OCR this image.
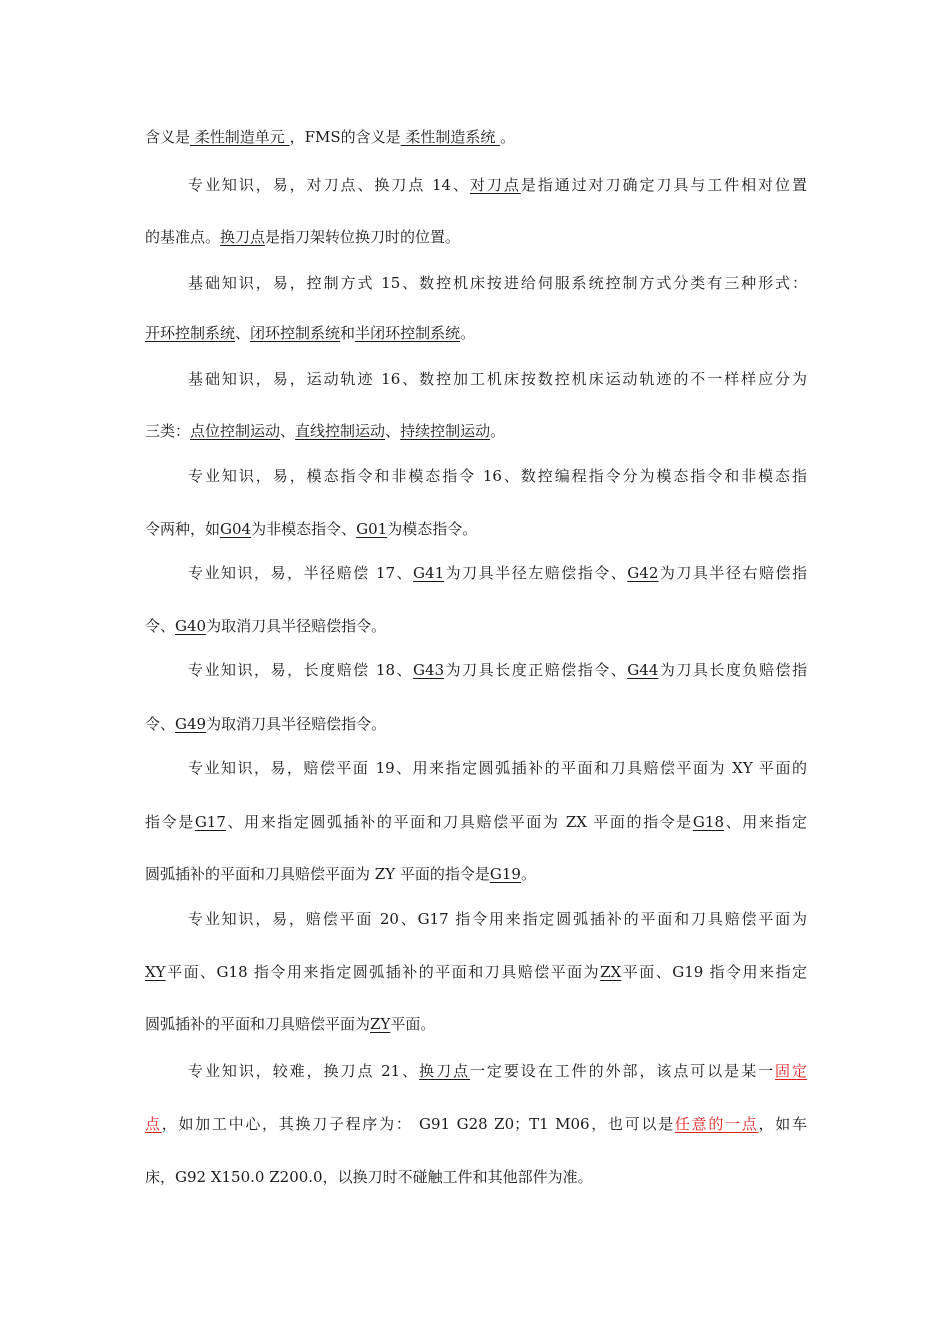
含义是 柔性制造单元 ，FMS的含义是 柔性制造系统 。
专业知识，易，对刀点、换刀点 14、对刀点是指通过对刀确定刀具与工件相对位置
的基准点。换刀点是指刀架转位换刀时的位置。
基础知识，易，控制方式 15、数控机床按进给伺服系统控制方式分类有三种形式：
开环控制系统、闭环控制系统和半闭环控制系统。
基础知识，易，运动轨迹 16、数控加工机床按数控机床运动轨迹的不一样样应分为
三类：点位控制运动、直线控制运动、持续控制运动。
专业知识，易，模态指令和非模态指令 16、数控编程指令分为模态指令和非模态指
令两种，如G04为非模态指令、G01为模态指令。
专业知识，易，半径赔偿 17、G41为刀具半径左赔偿指令、G42为刀具半径右赔偿指
令、G40为取消刀具半径赔偿指令。
专业知识，易，长度赔偿 18、G43为刀具长度正赔偿指令、G44为刀具长度负赔偿指
令、G49为取消刀具半径赔偿指令。
专业知识，易，赔偿平面 19、用来指定圆弧插补的平面和刀具赔偿平面为 XY 平面的
指令是G17、用来指定圆弧插补的平面和刀具赔偿平面为 ZX 平面的指令是G18、用来指定
圆弧插补的平面和刀具赔偿平面为 ZY 平面的指令是G19。
专业知识，易，赔偿平面 20、G17 指令用来指定圆弧插补的平面和刀具赔偿平面为
XY平面、G18 指令用来指定圆弧插补的平面和刀具赔偿平面为ZX平面、G19 指令用来指定
圆弧插补的平面和刀具赔偿平面为ZY平面。
专业知识，较难，换刀点 21、换刀点一定要设在工件的外部，该点可以是某一固定
点，如加工中心，其换刀子程序为： G91 G28 Z0；T1 M06，也可以是任意的一点，如车
床，G92 X150.0 Z200.0，以换刀时不碰触工件和其他部件为准。
